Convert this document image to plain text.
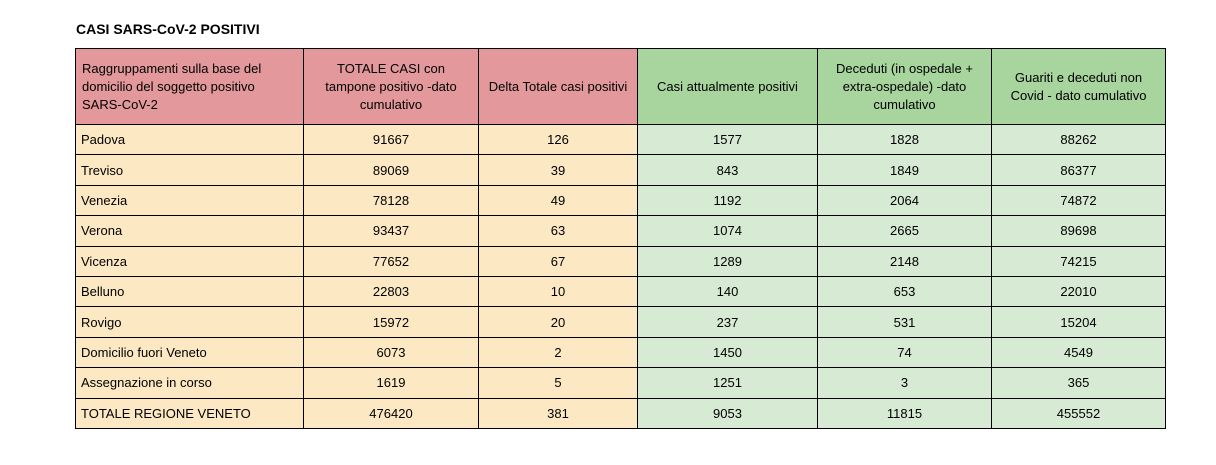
CASI SARS-CoV-2 POSITIVI
Raggruppamenti sulla base del domicilio del soggetto positivo SARS-CoV-2	TOTALE CASI con tampone positivo -dato cumulativo	Delta Totale casi positivi	Casi attualmente positivi	Deceduti (in ospedale + extra-ospedale) -dato cumulativo	Guariti e deceduti non Covid - dato cumulativo
Padova	91667	126	1577	1828	88262
Treviso	89069	39	843	1849	86377
Venezia	78128	49	1192	2064	74872
Verona	93437	63	1074	2665	89698
Vicenza	77652	67	1289	2148	74215
Belluno	22803	10	140	653	22010
Rovigo	15972	20	237	531	15204
Domicilio fuori Veneto	6073	2	1450	74	4549
Assegnazione in corso	1619	5	1251	3	365
TOTALE REGIONE VENETO	476420	381	9053	11815	455552
